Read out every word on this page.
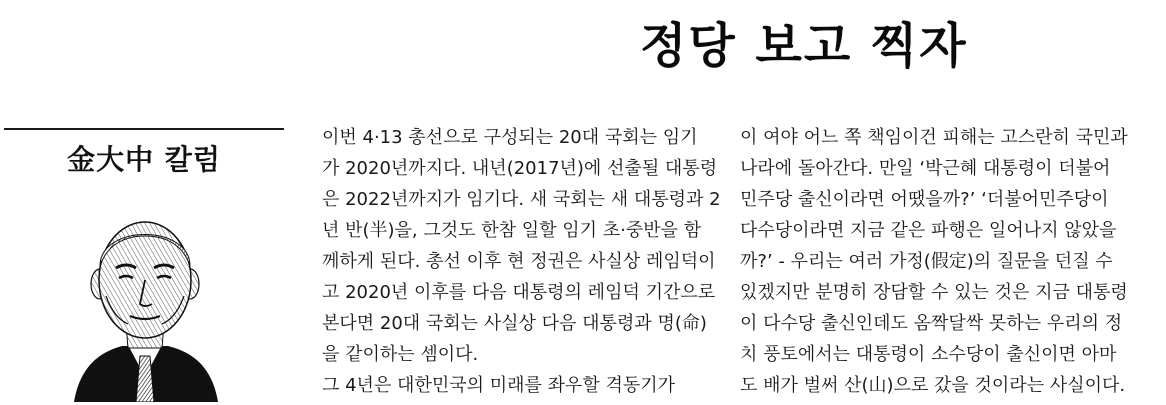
정당 보고 찍자
金大中 칼럼
이번 4·13 총선으로 구성되는 20대 국회는 임기
가 2020년까지다. 내년(2017년)에 선출될 대통령
은 2022년까지가 임기다. 새 국회는 새 대통령과 2
년 반(半)을, 그것도 한참 일할 임기 초·중반을 함
께하게 된다. 총선 이후 현 정권은 사실상 레임덕이
고 2020년 이후를 다음 대통령의 레임덕 기간으로
본다면 20대 국회는 사실상 다음 대통령과 명(命)
을 같이하는 셈이다.
그 4년은 대한민국의 미래를 좌우할 격동기가
이 여야 어느 쪽 책임이건 피해는 고스란히 국민과
나라에 돌아간다. 만일 ‘박근혜 대통령이 더불어
민주당 출신이라면 어땠을까?’ ‘더불어민주당이
다수당이라면 지금 같은 파행은 일어나지 않았을
까?’ - 우리는 여러 가정(假定)의 질문을 던질 수
있겠지만 분명히 장담할 수 있는 것은 지금 대통령
이 다수당 출신인데도 옴짝달싹 못하는 우리의 정
치 풍토에서는 대통령이 소수당이 출신이면 아마
도 배가 벌써 산(山)으로 갔을 것이라는 사실이다.
